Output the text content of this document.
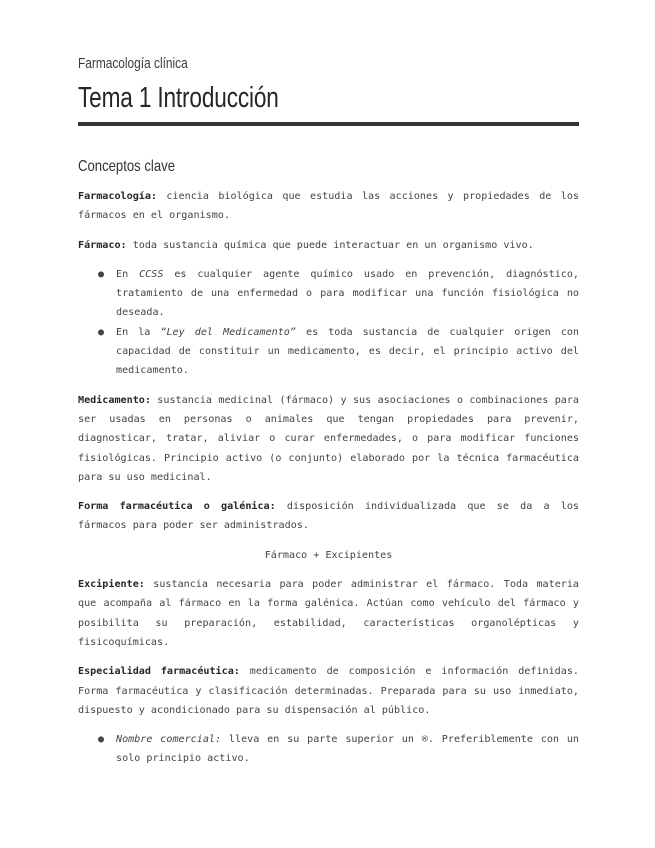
Farmacología clínica
Tema 1 Introducción
Conceptos clave

Farmacología: ciencia biológica que estudia las acciones y propiedades de los fármacos en el organismo.

Fármaco: toda sustancia química que puede interactuar en un organismo vivo.

● En CCSS es cualquier agente químico usado en prevención, diagnóstico, tratamiento de una enfermedad o para modificar una función fisiológica no deseada.
● En la “Ley del Medicamento” es toda sustancia de cualquier origen con capacidad de constituir un medicamento, es decir, el principio activo del medicamento.

Medicamento: sustancia medicinal (fármaco) y sus asociaciones o combinaciones para ser usadas en personas o animales que tengan propiedades para prevenir, diagnosticar, tratar, aliviar o curar enfermedades, o para modificar funciones fisiológicas. Principio activo (o conjunto) elaborado por la técnica farmacéutica para su uso medicinal.

Forma farmacéutica o galénica: disposición individualizada que se da a los fármacos para poder ser administrados.

Fármaco + Excipientes

Excipiente: sustancia necesaria para poder administrar el fármaco. Toda materia que acompaña al fármaco en la forma galénica. Actúan como vehículo del fármaco y posibilita su preparación, estabilidad, características organolépticas y fisicoquímicas.

Especialidad farmacéutica: medicamento de composición e información definidas. Forma farmacéutica y clasificación determinadas. Preparada para su uso inmediato, dispuesto y acondicionado para su dispensación al público.

● Nombre comercial: lleva en su parte superior un ®. Preferiblemente con un solo principio activo.
